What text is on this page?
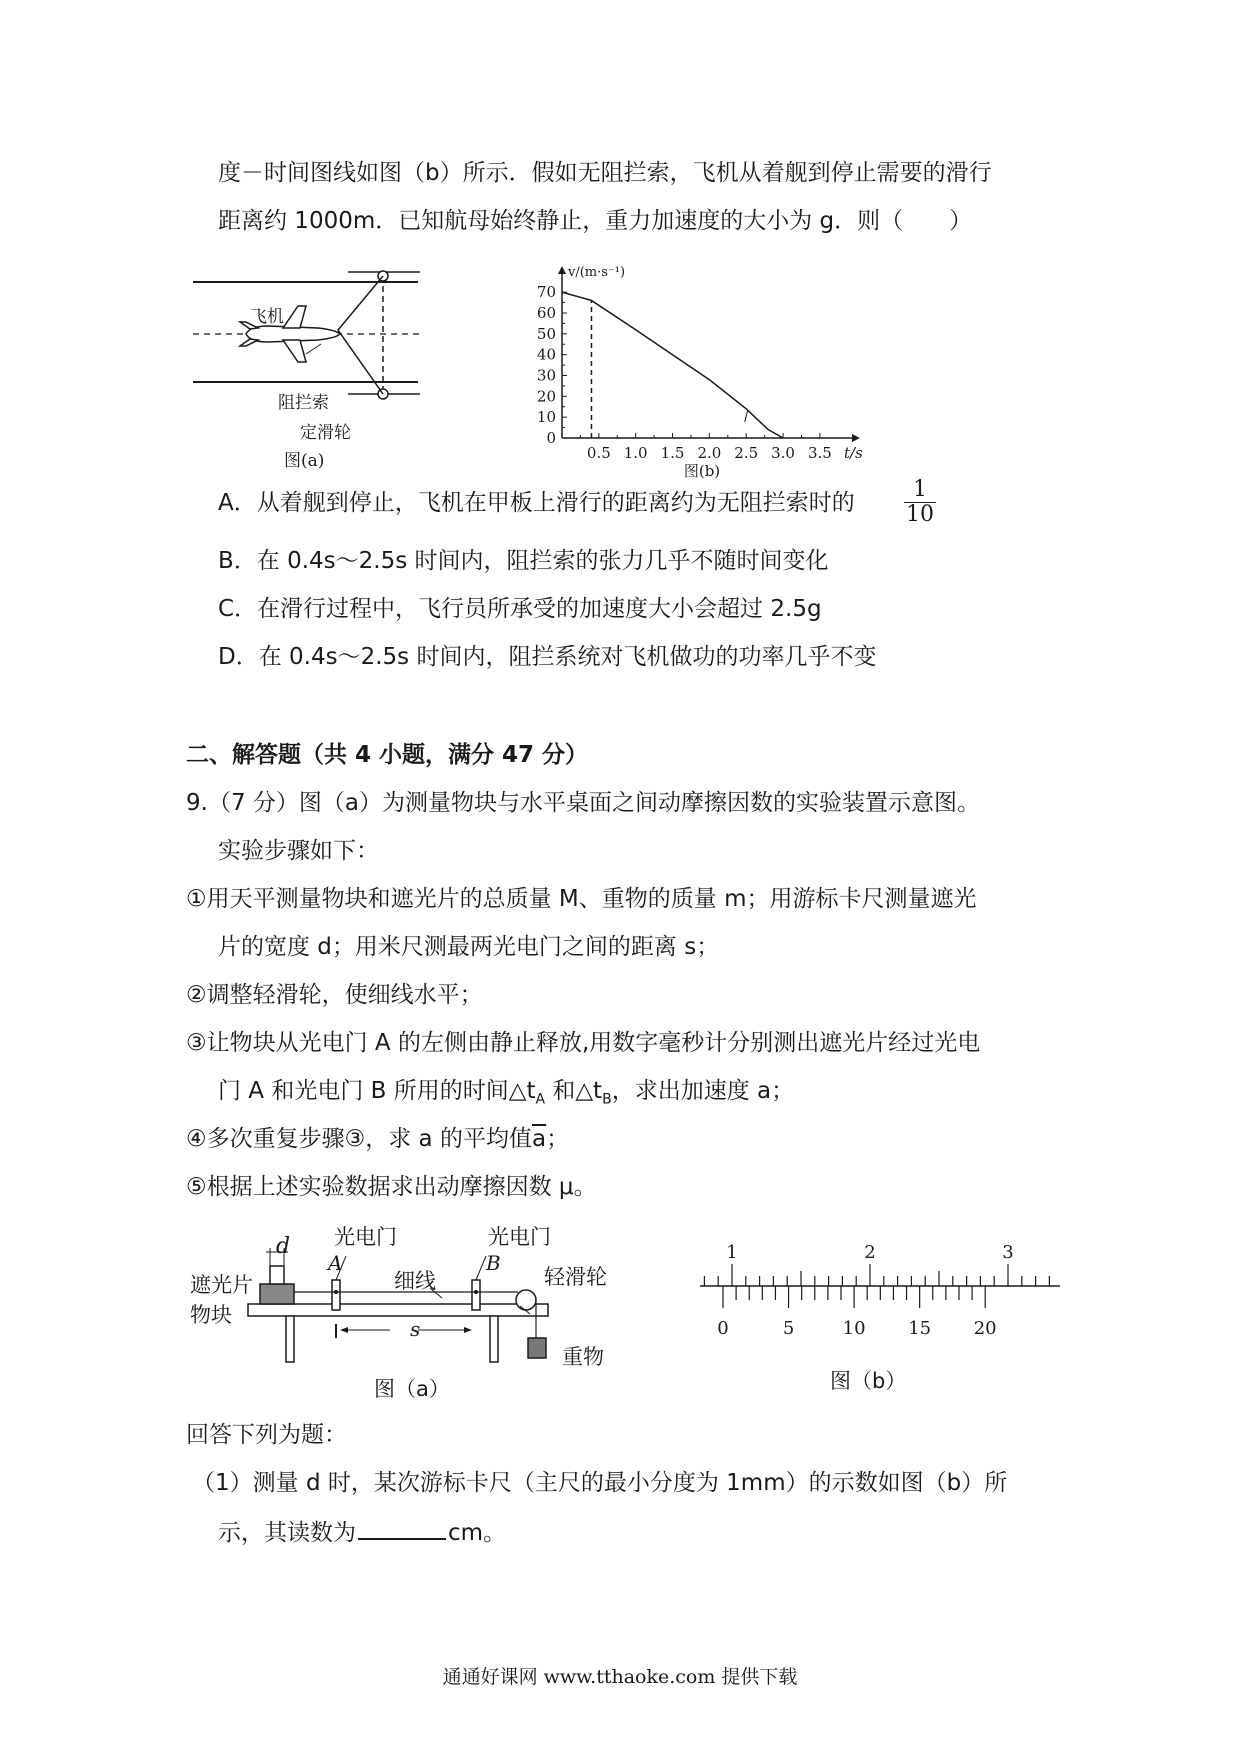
度－时间图线如图（b）所示．假如无阻拦索，飞机从着舰到停止需要的滑行
距离约 1000m．已知航母始终静止，重力加速度的大小为 g．则（　　）
飞机
阻拦索
定滑轮
图(a)
v/(m·s⁻¹)
t/s
图(b)
0
10
20
30
40
50
60
70
0.5 1.0 1.5 2.0 2.5 3.0 3.5
A．从着舰到停止，飞机在甲板上滑行的距离约为无阻拦索时的 $\frac{1}{10}$
B．在 0.4s～2.5s 时间内，阻拦索的张力几乎不随时间变化
C．在滑行过程中，飞行员所承受的加速度大小会超过 2.5g
D．在 0.4s～2.5s 时间内，阻拦系统对飞机做功的功率几乎不变
二、解答题（共 4 小题，满分 47 分）
9.（7 分）图（a）为测量物块与水平桌面之间动摩擦因数的实验装置示意图。
实验步骤如下：
①用天平测量物块和遮光片的总质量 M、重物的质量 m；用游标卡尺测量遮光
片的宽度 d；用米尺测最两光电门之间的距离 s；
②调整轻滑轮，使细线水平；
③让物块从光电门 A 的左侧由静止释放,用数字毫秒计分别测出遮光片经过光电
门 A 和光电门 B 所用的时间$\triangle t_A$ 和$\triangle t_B$，求出加速度 a；
④多次重复步骤③，求 a 的平均值$\overline{a}$；
⑤根据上述实验数据求出动摩擦因数 μ。
d 光电门
A
光电门
B
遮光片
物块
细线	轻滑轮
s
重物
图（a）
1	2	3
0	5	10 15 20
图（b）
回答下列为题：
（1）测量 d 时，某次游标卡尺（主尺的最小分度为 1mm）的示数如图（b）所
示，其读数为	cm。
通通好课网 www.tthaoke.com 提供下载
